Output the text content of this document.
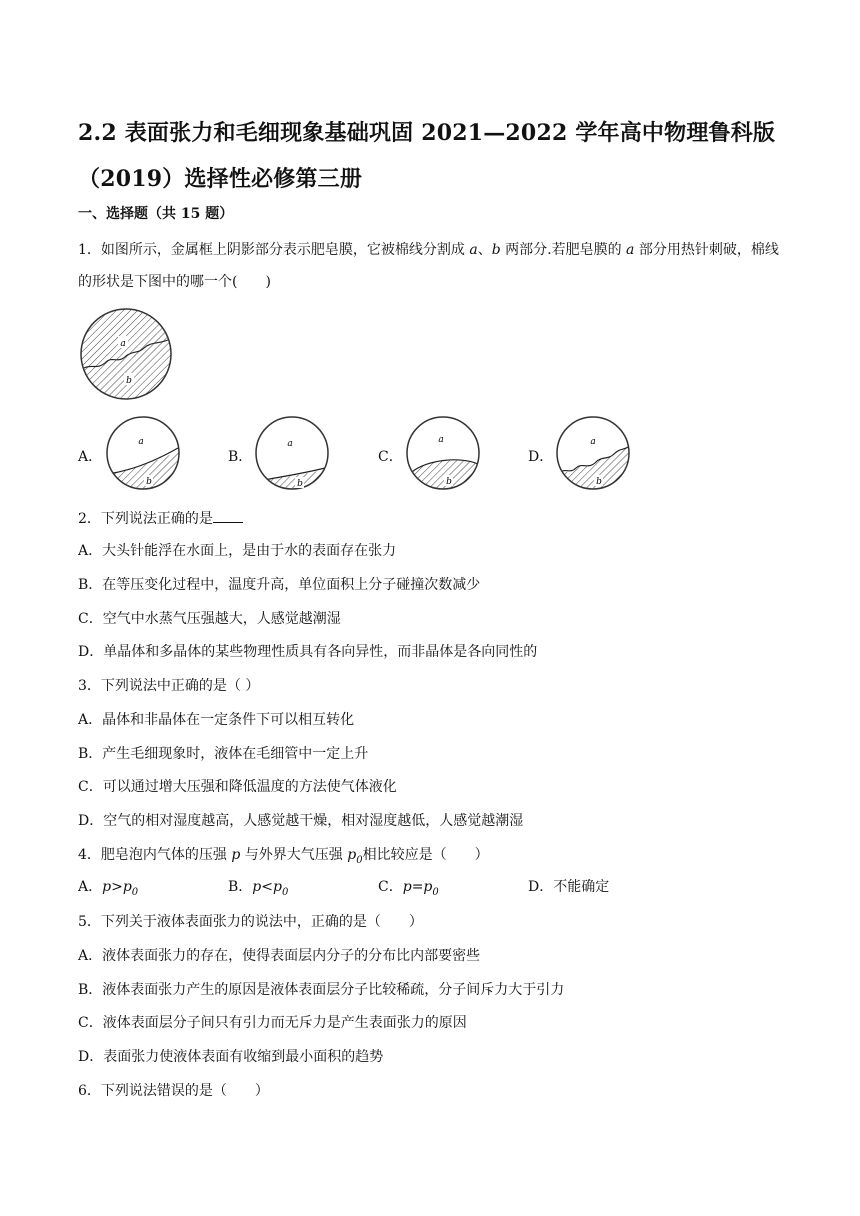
2.2 表面张力和毛细现象基础巩固 2021—2022 学年高中物理鲁科版（2019）选择性必修第三册
一、选择题（共 15 题）
1．如图所示，金属框上阴影部分表示肥皂膜，它被棉线分割成 a、b 两部分.若肥皂膜的 a 部分用热针刺破，棉线的形状是下图中的哪一个(　　)
a
b
A．
a
b
B．
a
b
C．
a
b
D．
a
b
2．下列说法正确的是
A．大头针能浮在水面上，是由于水的表面存在张力
B．在等压变化过程中，温度升高，单位面积上分子碰撞次数减少
C．空气中水蒸气压强越大，人感觉越潮湿
D．单晶体和多晶体的某些物理性质具有各向异性，而非晶体是各向同性的
3．下列说法中正确的是（ ）
A．晶体和非晶体在一定条件下可以相互转化
B．产生毛细现象时，液体在毛细管中一定上升
C．可以通过增大压强和降低温度的方法使气体液化
D．空气的相对湿度越高，人感觉越干燥，相对湿度越低，人感觉越潮湿
4．肥皂泡内气体的压强 p 与外界大气压强 $p_0$相比较应是（　　）
A．$p>p_0$	B．$p<p_0$	C．$p=p_0$	D．不能确定
5．下列关于液体表面张力的说法中，正确的是（　　）
A．液体表面张力的存在，使得表面层内分子的分布比内部要密些
B．液体表面张力产生的原因是液体表面层分子比较稀疏，分子间斥力大于引力
C．液体表面层分子间只有引力而无斥力是产生表面张力的原因
D．表面张力使液体表面有收缩到最小面积的趋势
6．下列说法错误的是（　　）
